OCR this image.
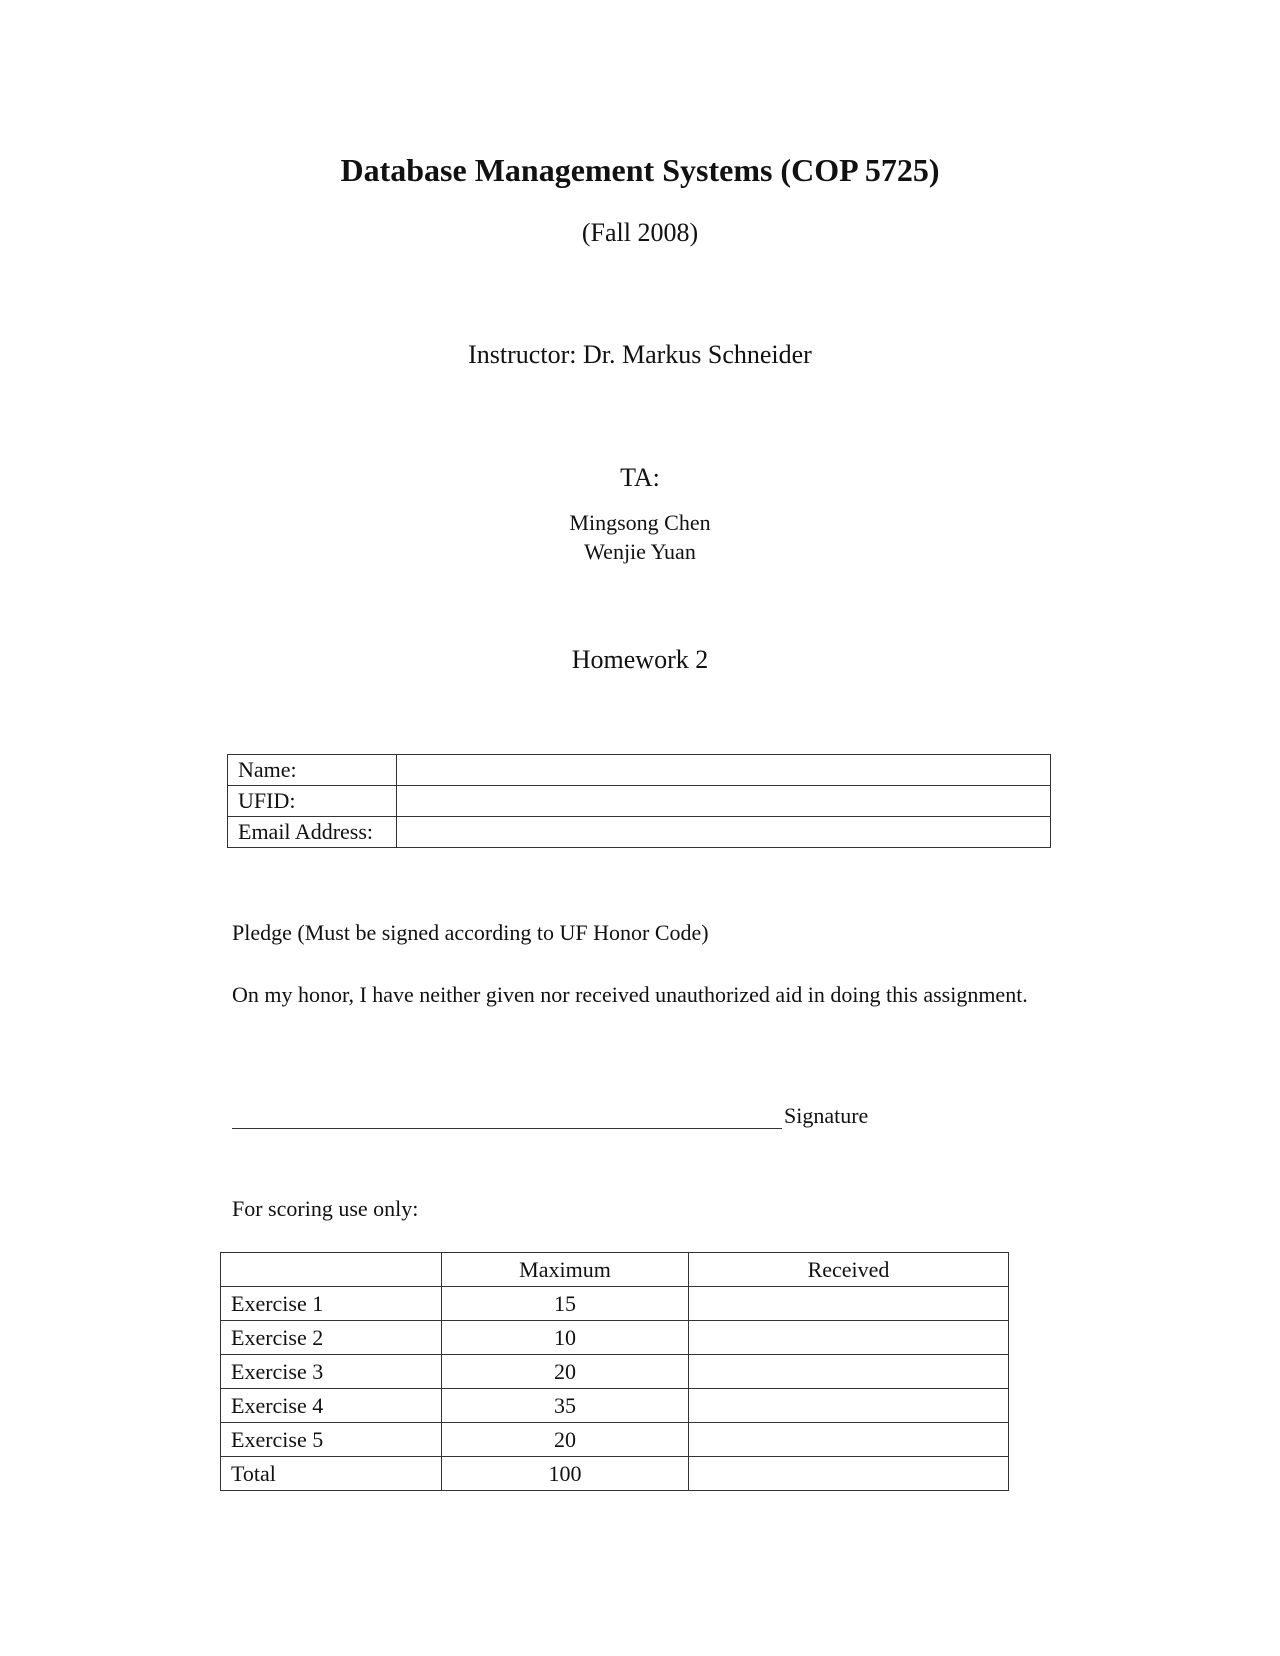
Database Management Systems (COP 5725)
(Fall 2008)
Instructor: Dr. Markus Schneider
TA:
Mingsong Chen
Wenjie Yuan
Homework 2
Name:	
UFID:	
Email Address:	
Pledge (Must be signed according to UF Honor Code)
On my honor, I have neither given nor received unauthorized aid in doing this assignment.
Signature
For scoring use only:
	Maximum	Received
Exercise 1	15	
Exercise 2	10	
Exercise 3	20	
Exercise 4	35	
Exercise 5	20	
Total	100	
